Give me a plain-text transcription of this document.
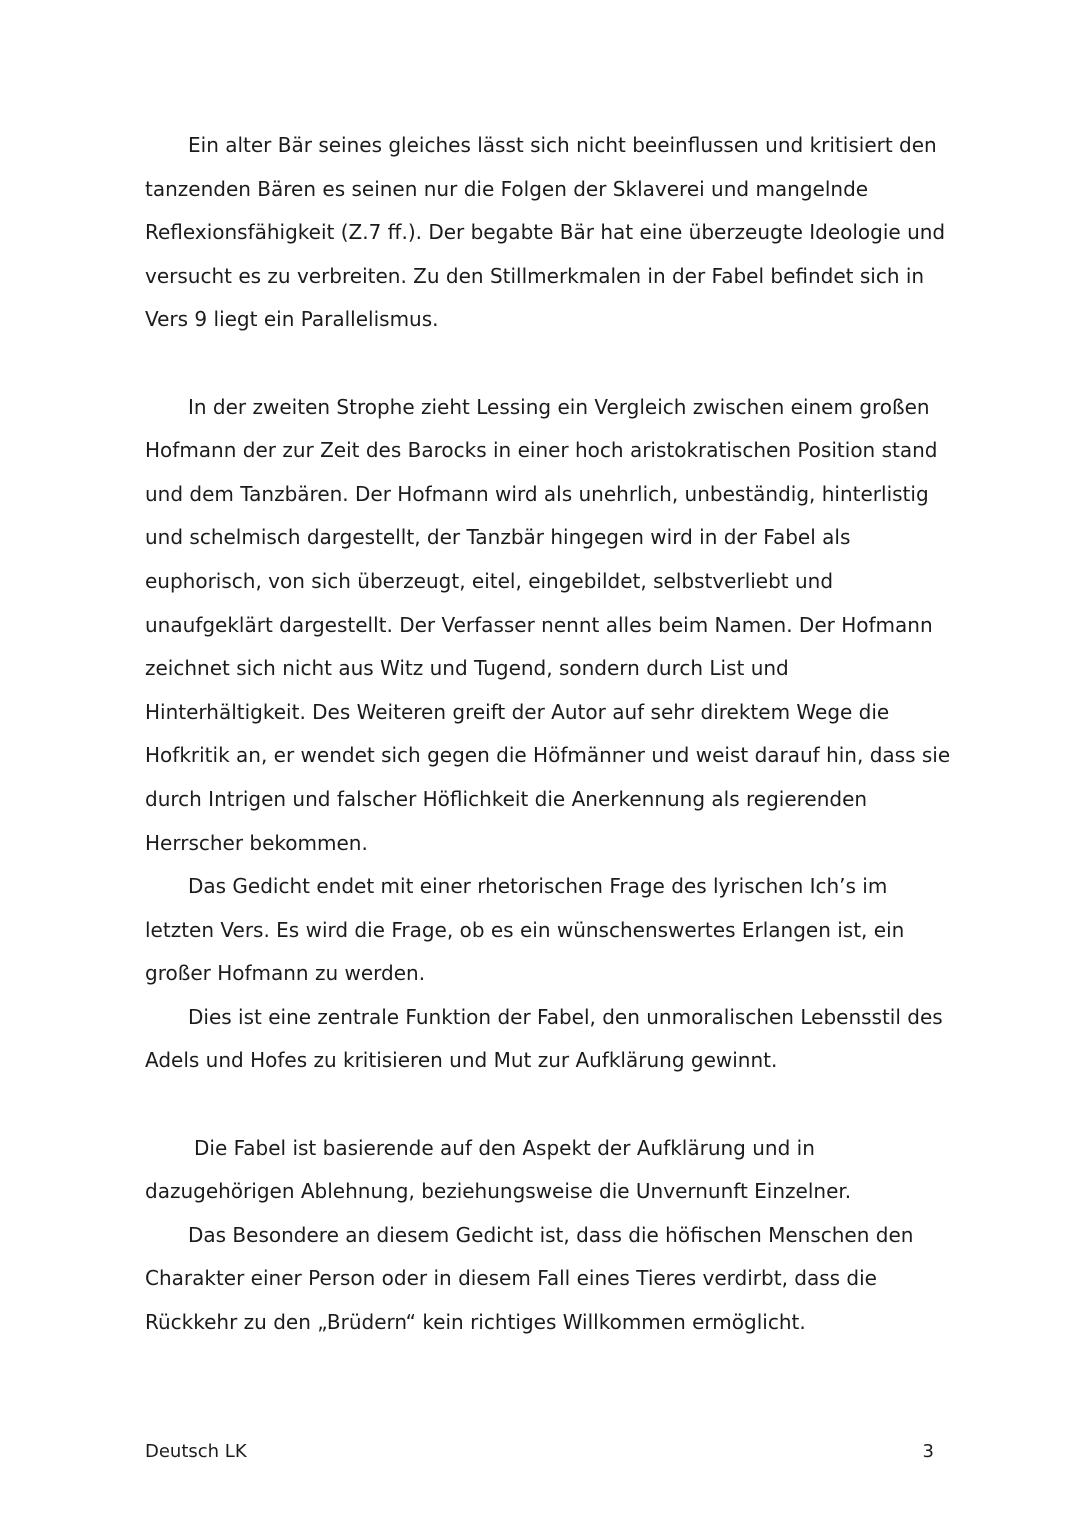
Ein alter Bär seines gleiches lässt sich nicht beeinflussen und kritisiert den
tanzenden Bären es seinen nur die Folgen der Sklaverei und mangelnde
Reflexionsfähigkeit (Z.7 ff.). Der begabte Bär hat eine überzeugte Ideologie und
versucht es zu verbreiten. Zu den Stillmerkmalen in der Fabel befindet sich in
Vers 9 liegt ein Parallelismus.
In der zweiten Strophe zieht Lessing ein Vergleich zwischen einem großen
Hofmann der zur Zeit des Barocks in einer hoch aristokratischen Position stand
und dem Tanzbären. Der Hofmann wird als unehrlich, unbeständig, hinterlistig
und schelmisch dargestellt, der Tanzbär hingegen wird in der Fabel als
euphorisch, von sich überzeugt, eitel, eingebildet, selbstverliebt und
unaufgeklärt dargestellt. Der Verfasser nennt alles beim Namen. Der Hofmann
zeichnet sich nicht aus Witz und Tugend, sondern durch List und
Hinterhältigkeit. Des Weiteren greift der Autor auf sehr direktem Wege die
Hofkritik an, er wendet sich gegen die Höfmänner und weist darauf hin, dass sie
durch Intrigen und falscher Höflichkeit die Anerkennung als regierenden
Herrscher bekommen.
Das Gedicht endet mit einer rhetorischen Frage des lyrischen Ich’s im
letzten Vers. Es wird die Frage, ob es ein wünschenswertes Erlangen ist, ein
großer Hofmann zu werden.
Dies ist eine zentrale Funktion der Fabel, den unmoralischen Lebensstil des
Adels und Hofes zu kritisieren und Mut zur Aufklärung gewinnt.
Die Fabel ist basierende auf den Aspekt der Aufklärung und in
dazugehörigen Ablehnung, beziehungsweise die Unvernunft Einzelner.
Das Besondere an diesem Gedicht ist, dass die höfischen Menschen den
Charakter einer Person oder in diesem Fall eines Tieres verdirbt, dass die
Rückkehr zu den „Brüdern“ kein richtiges Willkommen ermöglicht.
Deutsch LK	3
